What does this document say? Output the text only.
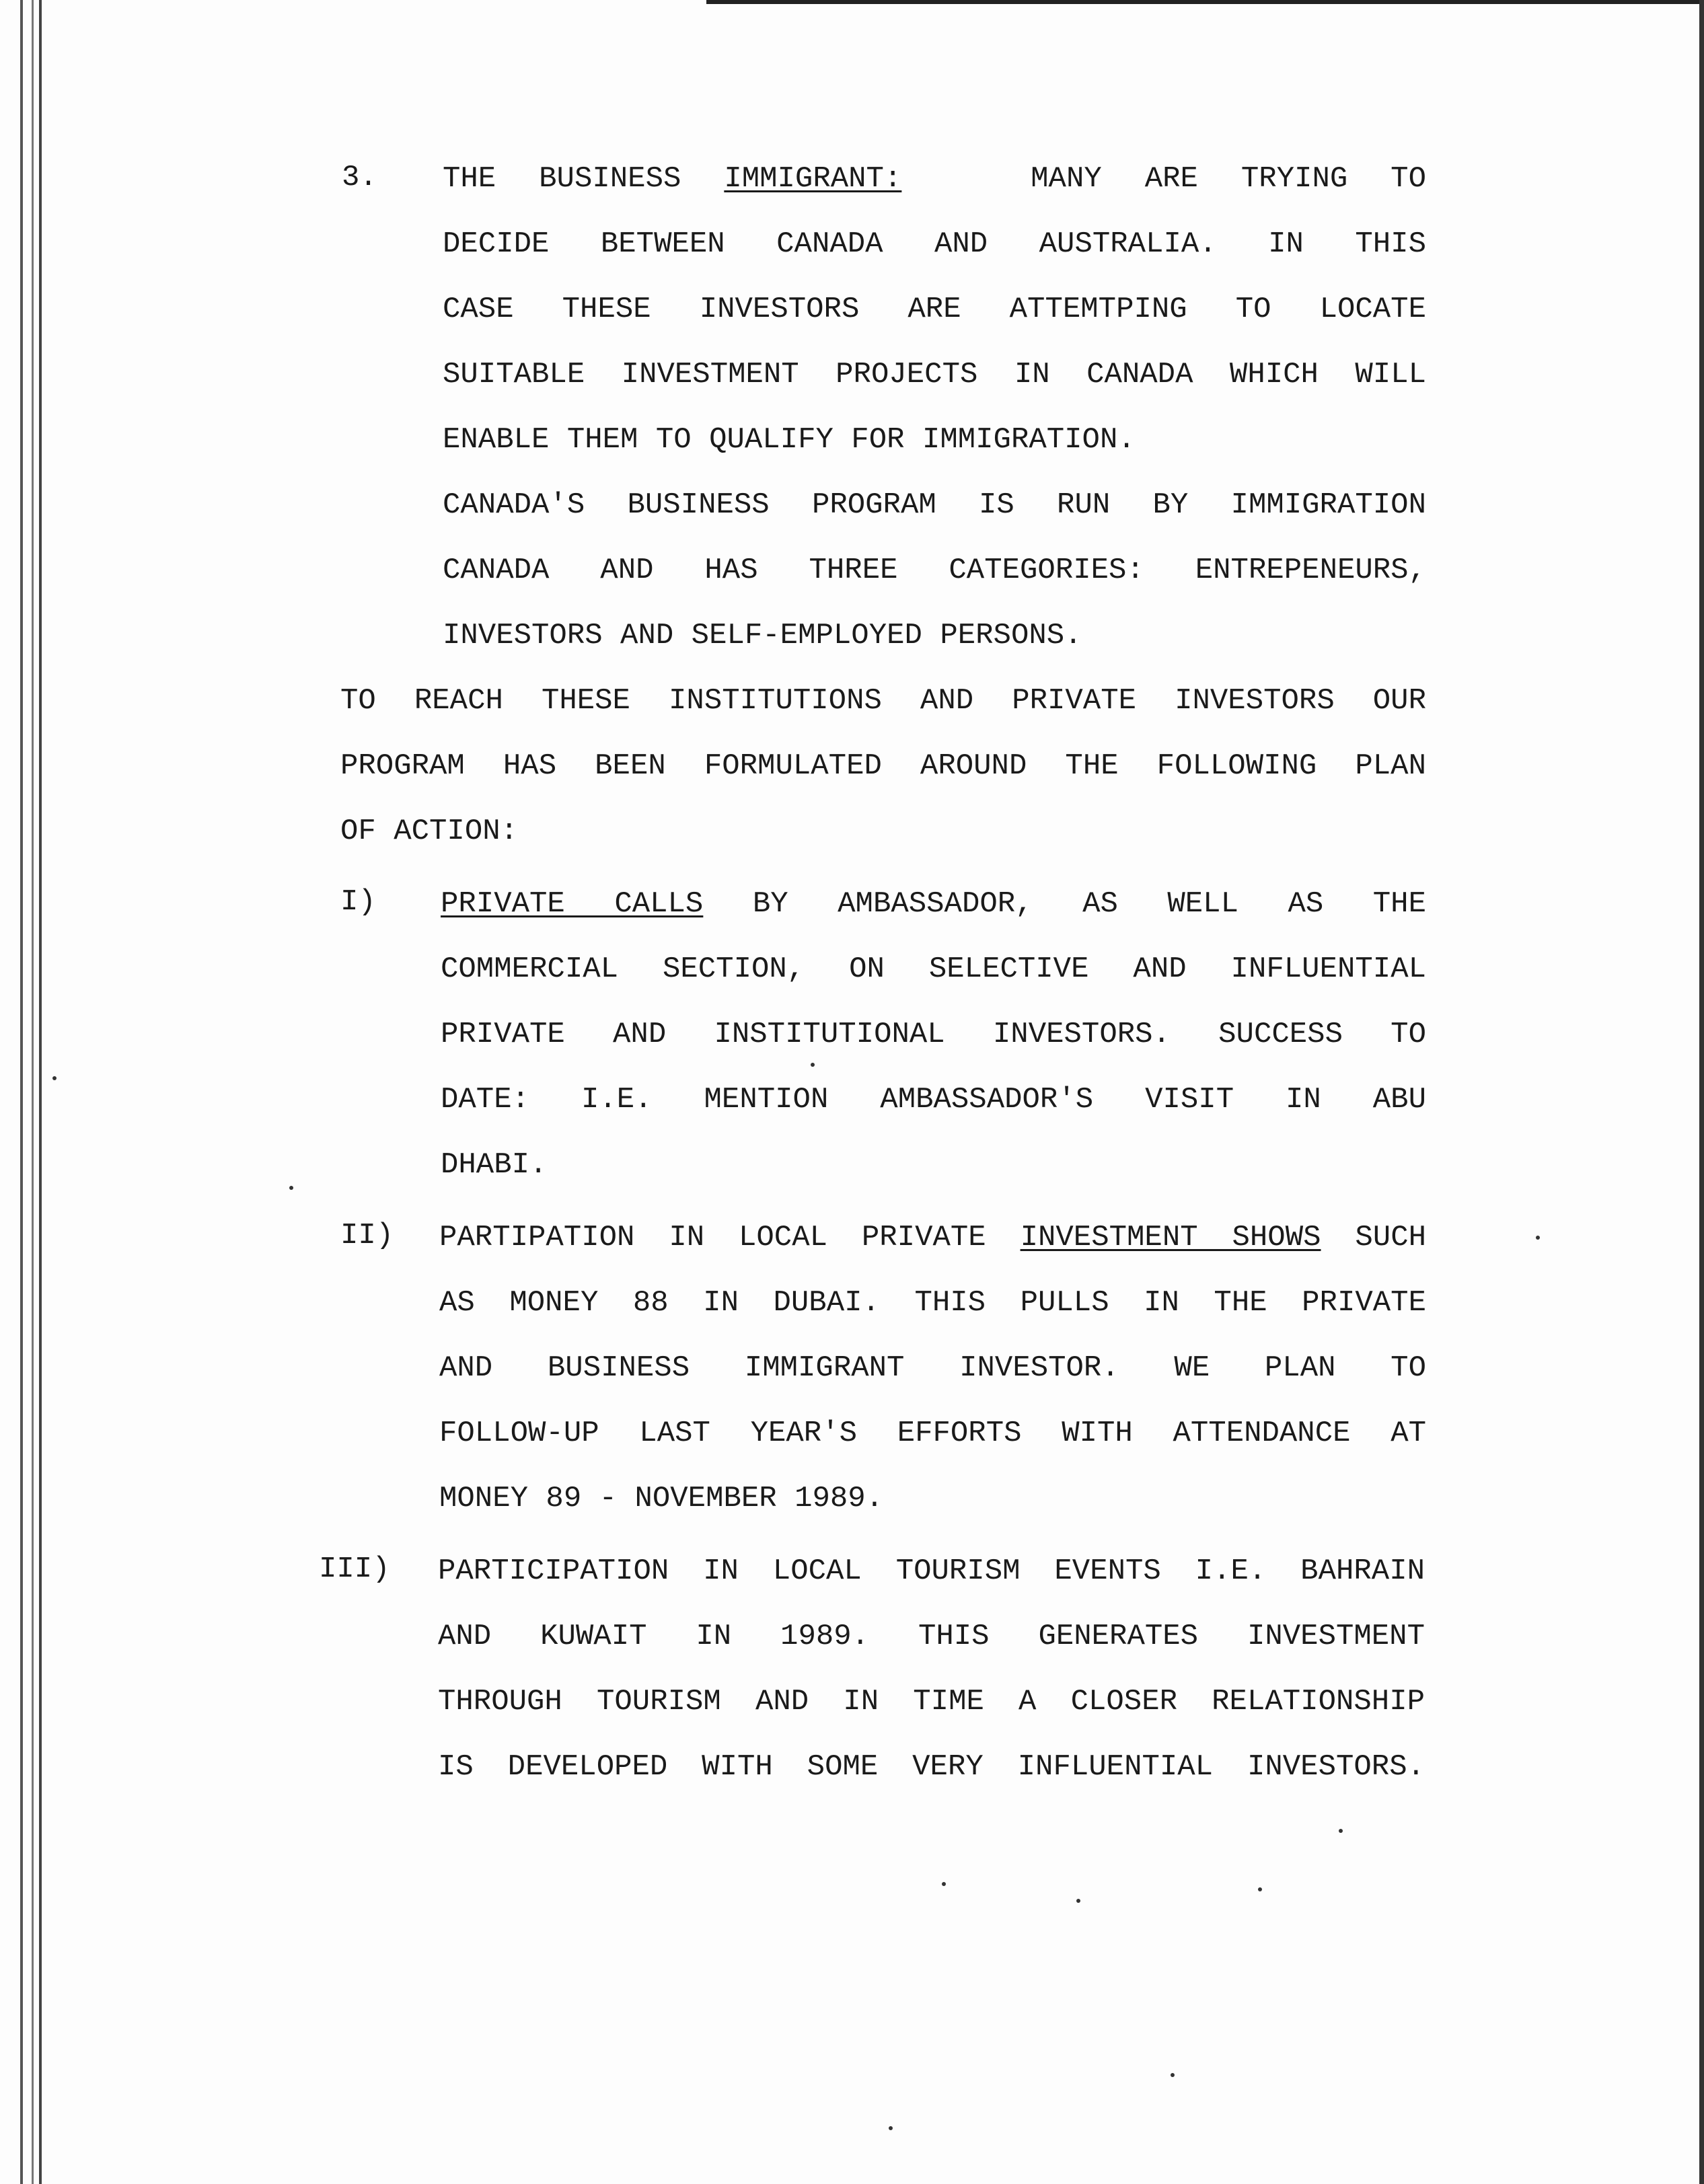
3. THE BUSINESS IMMIGRANT:   MANY ARE TRYING TO
DECIDE BETWEEN CANADA AND AUSTRALIA. IN THIS
CASE THESE INVESTORS ARE ATTEMTPING TO LOCATE
SUITABLE INVESTMENT PROJECTS IN CANADA WHICH WILL
ENABLE THEM TO QUALIFY FOR IMMIGRATION.
CANADA'S BUSINESS PROGRAM IS RUN BY IMMIGRATION
CANADA AND HAS THREE CATEGORIES: ENTREPENEURS,
INVESTORS AND SELF-EMPLOYED PERSONS.
TO REACH THESE INSTITUTIONS AND PRIVATE INVESTORS OUR
PROGRAM HAS BEEN FORMULATED AROUND THE FOLLOWING PLAN
OF ACTION:
I) PRIVATE CALLS BY AMBASSADOR, AS WELL AS THE
COMMERCIAL SECTION, ON SELECTIVE AND INFLUENTIAL
PRIVATE AND INSTITUTIONAL INVESTORS. SUCCESS TO
DATE: I.E. MENTION AMBASSADOR'S VISIT IN ABU
DHABI.
II) PARTIPATION IN LOCAL PRIVATE INVESTMENT SHOWS SUCH
AS MONEY 88 IN DUBAI. THIS PULLS IN THE PRIVATE
AND BUSINESS IMMIGRANT INVESTOR. WE PLAN TO
FOLLOW-UP LAST YEAR'S EFFORTS WITH ATTENDANCE AT
MONEY 89 - NOVEMBER 1989.
III) PARTICIPATION IN LOCAL TOURISM EVENTS I.E. BAHRAIN
AND KUWAIT IN 1989. THIS GENERATES INVESTMENT
THROUGH TOURISM AND IN TIME A CLOSER RELATIONSHIP
IS DEVELOPED WITH SOME VERY INFLUENTIAL INVESTORS.
